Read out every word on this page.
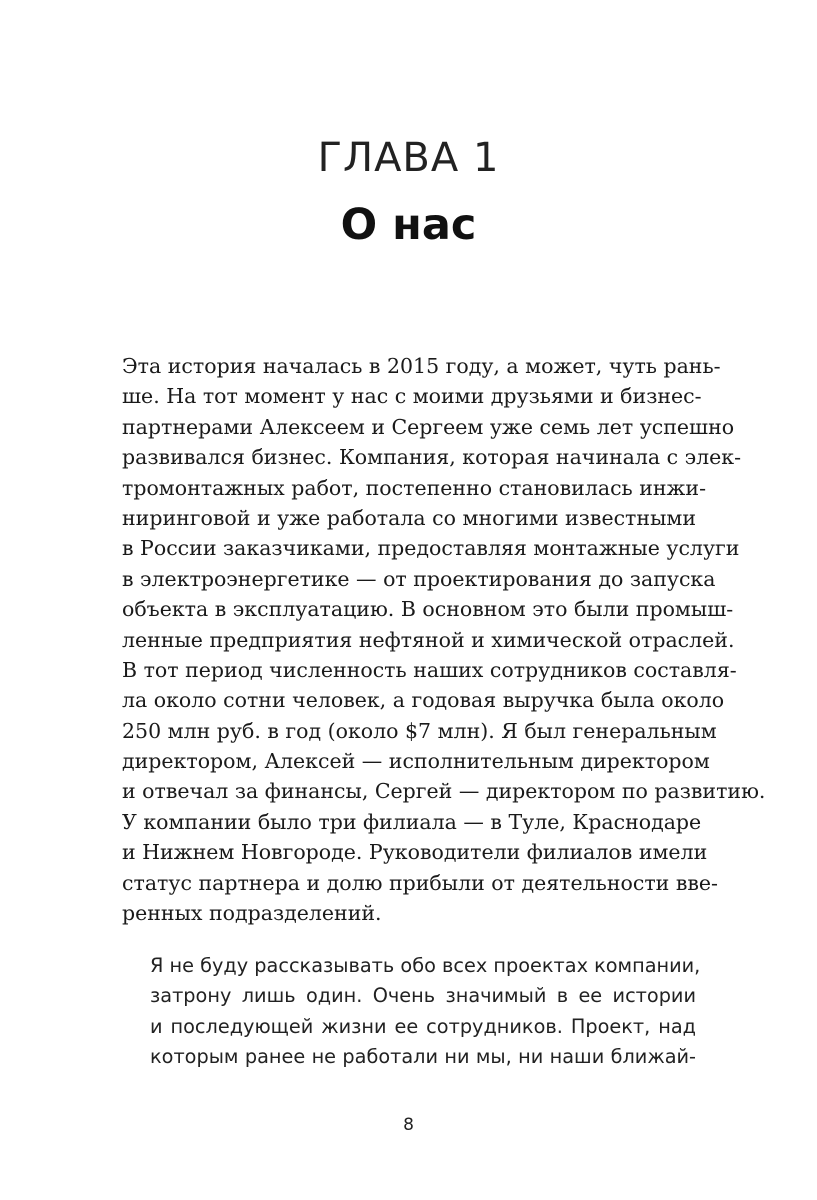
ГЛАВА 1
О нас
Эта история началась в 2015 году, а может, чуть рань-
ше. На тот момент у нас с моими друзьями и бизнес-
партнерами Алексеем и Сергеем уже семь лет успешно
развивался бизнес. Компания, которая начинала с элек-
тромонтажных работ, постепенно становилась инжи-
ниринговой и уже работала со многими известными
в России заказчиками, предоставляя монтажные услуги
в электроэнергетике — от проектирования до запуска
объекта в эксплуатацию. В основном это были промыш-
ленные предприятия нефтяной и химической отраслей.
В тот период численность наших сотрудников составля-
ла около сотни человек, а годовая выручка была около
250 млн руб. в год (около $7 млн). Я был генеральным
директором, Алексей — исполнительным директором
и отвечал за финансы, Сергей — директором по развитию.
У компании было три филиала — в Туле, Краснодаре
и Нижнем Новгороде. Руководители филиалов имели
статус партнера и долю прибыли от деятельности вве-
ренных подразделений.
Я не буду рассказывать обо всех проектах компании,
затрону лишь один. Очень значимый в ее истории
и последующей жизни ее сотрудников. Проект, над
которым ранее не работали ни мы, ни наши ближай-
8
